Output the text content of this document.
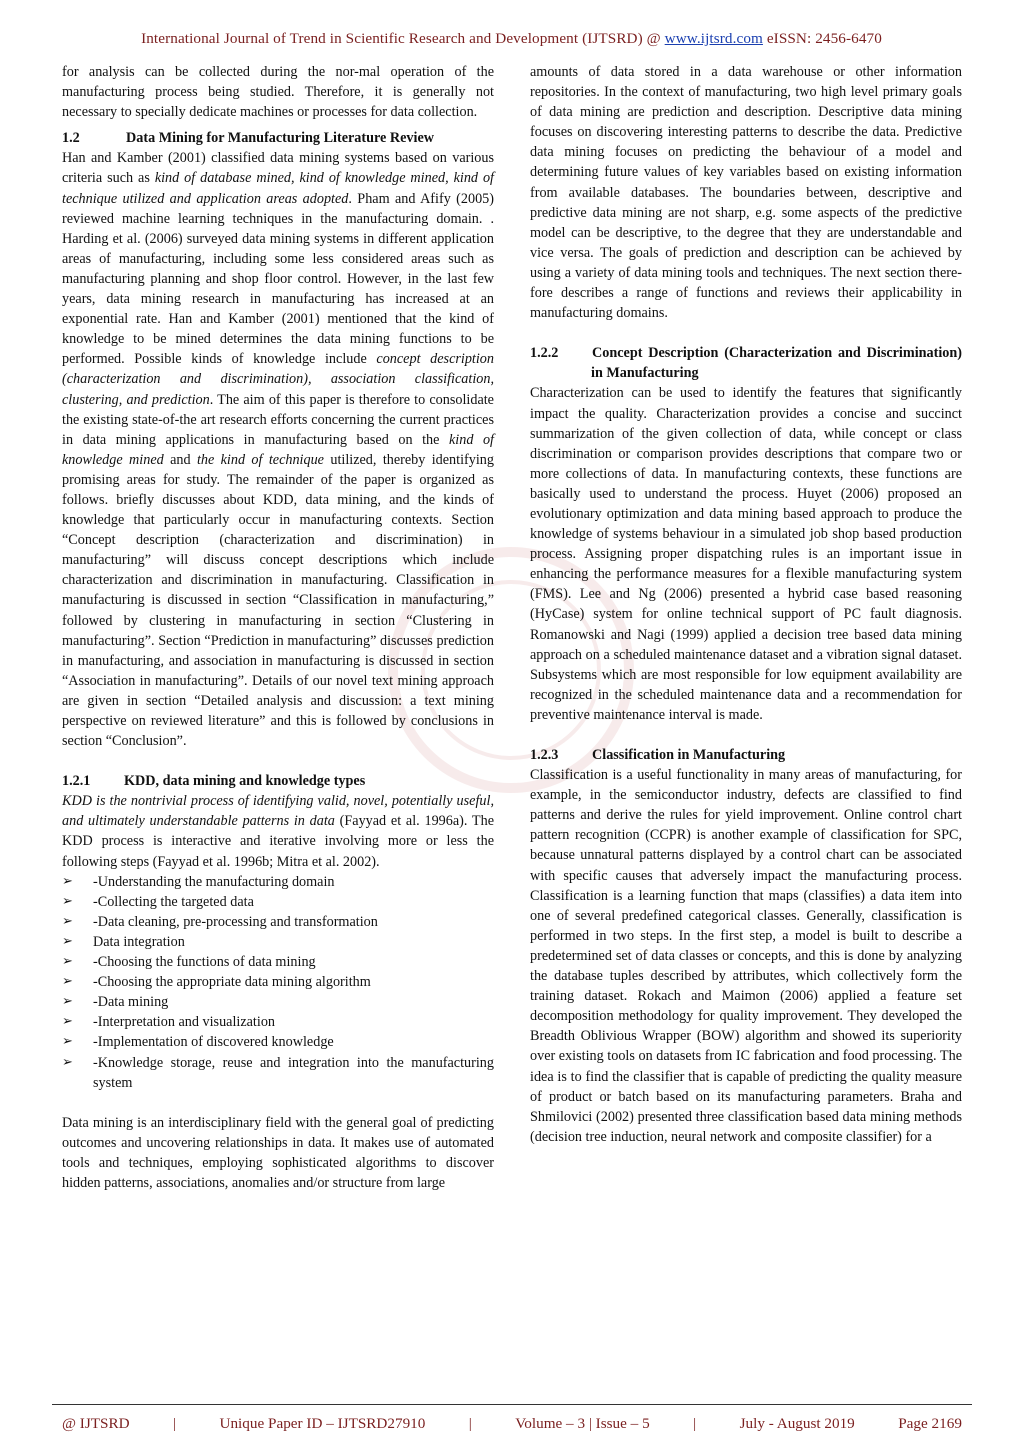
International Journal of Trend in Scientific Research and Development (IJTSRD) @ www.ijtsrd.com eISSN: 2456-6470

for analysis can be collected during the nor-mal operation of the manufacturing process being studied. Therefore, it is generally not necessary to specially dedicate machines or processes for data collection.

1.2	Data Mining for Manufacturing Literature Review

Han and Kamber (2001) classified data mining systems based on various criteria such as kind of database mined, kind of knowledge mined, kind of technique utilized and application areas adopted. Pham and Afify (2005) reviewed machine learning techniques in the manufacturing domain. . Harding et al. (2006) surveyed data mining systems in different application areas of manufacturing, including some less considered areas such as manufacturing planning and shop floor control. However, in the last few years, data mining research in manufacturing has increased at an exponential rate. Han and Kamber (2001) mentioned that the kind of knowledge to be mined determines the data mining functions to be performed. Possible kinds of knowledge include concept description (characterization and discrimination), association classification, clustering, and prediction. The aim of this paper is therefore to consolidate the existing state-of-the art research efforts concerning the current practices in data mining applications in manufacturing based on the kind of knowledge mined and the kind of technique utilized, thereby identifying promising areas for study. The remainder of the paper is organized as follows. briefly discusses about KDD, data mining, and the kinds of knowledge that particularly occur in manufacturing contexts. Section “Concept description (characterization and discrimination) in manufacturing” will discuss concept descriptions which include characterization and discrimination in manufacturing. Classification in manufacturing is discussed in section “Classification in manufacturing,” followed by clustering in manufacturing in section “Clustering in manufacturing”. Section “Prediction in manufacturing” discusses prediction in manufacturing, and association in manufacturing is discussed in section “Association in manufacturing”. Details of our novel text mining approach are given in section “Detailed analysis and discussion: a text mining perspective on reviewed literature” and this is followed by conclusions in section “Conclusion”.

1.2.1 KDD, data mining and knowledge types

KDD is the nontrivial process of identifying valid, novel, potentially useful, and ultimately understandable patterns in data (Fayyad et al. 1996a). The KDD process is interactive and iterative involving more or less the following steps (Fayyad et al. 1996b; Mitra et al. 2002).

➢ -Understanding the manufacturing domain
➢ -Collecting the targeted data
➢ -Data cleaning, pre-processing and transformation
➢ Data integration
➢ -Choosing the functions of data mining
➢ -Choosing the appropriate data mining algorithm
➢ -Data mining
➢ -Interpretation and visualization
➢ -Implementation of discovered knowledge
➢ -Knowledge storage, reuse and integration into the manufacturing system

Data mining is an interdisciplinary field with the general goal of predicting outcomes and uncovering relationships in data. It makes use of automated tools and techniques, employing sophisticated algorithms to discover hidden patterns, associations, anomalies and/or structure from large

amounts of data stored in a data warehouse or other information repositories. In the context of manufacturing, two high level primary goals of data mining are prediction and description. Descriptive data mining focuses on discovering interesting patterns to describe the data. Predictive data mining focuses on predicting the behaviour of a model and determining future values of key variables based on existing information from available databases. The boundaries between, descriptive and predictive data mining are not sharp, e.g. some aspects of the predictive model can be descriptive, to the degree that they are understandable and vice versa. The goals of prediction and description can be achieved by using a variety of data mining tools and techniques. The next section there-fore describes a range of functions and reviews their applicability in manufacturing domains.

1.2.2 Concept Description (Characterization and Discrimination) in Manufacturing

Characterization can be used to identify the features that significantly impact the quality. Characterization provides a concise and succinct summarization of the given collection of data, while concept or class discrimination or comparison provides descriptions that compare two or more collections of data. In manufacturing contexts, these functions are basically used to understand the process. Huyet (2006) proposed an evolutionary optimization and data mining based approach to produce the knowledge of systems behaviour in a simulated job shop based production process. Assigning proper dispatching rules is an important issue in enhancing the performance measures for a flexible manufacturing system (FMS). Lee and Ng (2006) presented a hybrid case based reasoning (HyCase) system for online technical support of PC fault diagnosis. Romanowski and Nagi (1999) applied a decision tree based data mining approach on a scheduled maintenance dataset and a vibration signal dataset. Subsystems which are most responsible for low equipment availability are recognized in the scheduled maintenance data and a recommendation for preventive maintenance interval is made.

1.2.3 Classification in Manufacturing

Classification is a useful functionality in many areas of manufacturing, for example, in the semiconductor industry, defects are classified to find patterns and derive the rules for yield improvement. Online control chart pattern recognition (CCPR) is another example of classification for SPC, because unnatural patterns displayed by a control chart can be associated with specific causes that adversely impact the manufacturing process. Classification is a learning function that maps (classifies) a data item into one of several predefined categorical classes. Generally, classification is performed in two steps. In the first step, a model is built to describe a predetermined set of data classes or concepts, and this is done by analyzing the database tuples described by attributes, which collectively form the training dataset. Rokach and Maimon (2006) applied a feature set decomposition methodology for quality improvement. They developed the Breadth Oblivious Wrapper (BOW) algorithm and showed its superiority over existing tools on datasets from IC fabrication and food processing. The idea is to find the classifier that is capable of predicting the quality measure of product or batch based on its manufacturing parameters. Braha and Shmilovici (2002) presented three classification based data mining methods (decision tree induction, neural network and composite classifier) for a

@ IJTSRD	|	Unique Paper ID – IJTSRD27910	|	Volume – 3 | Issue – 5	|	July - August 2019	Page 2169
